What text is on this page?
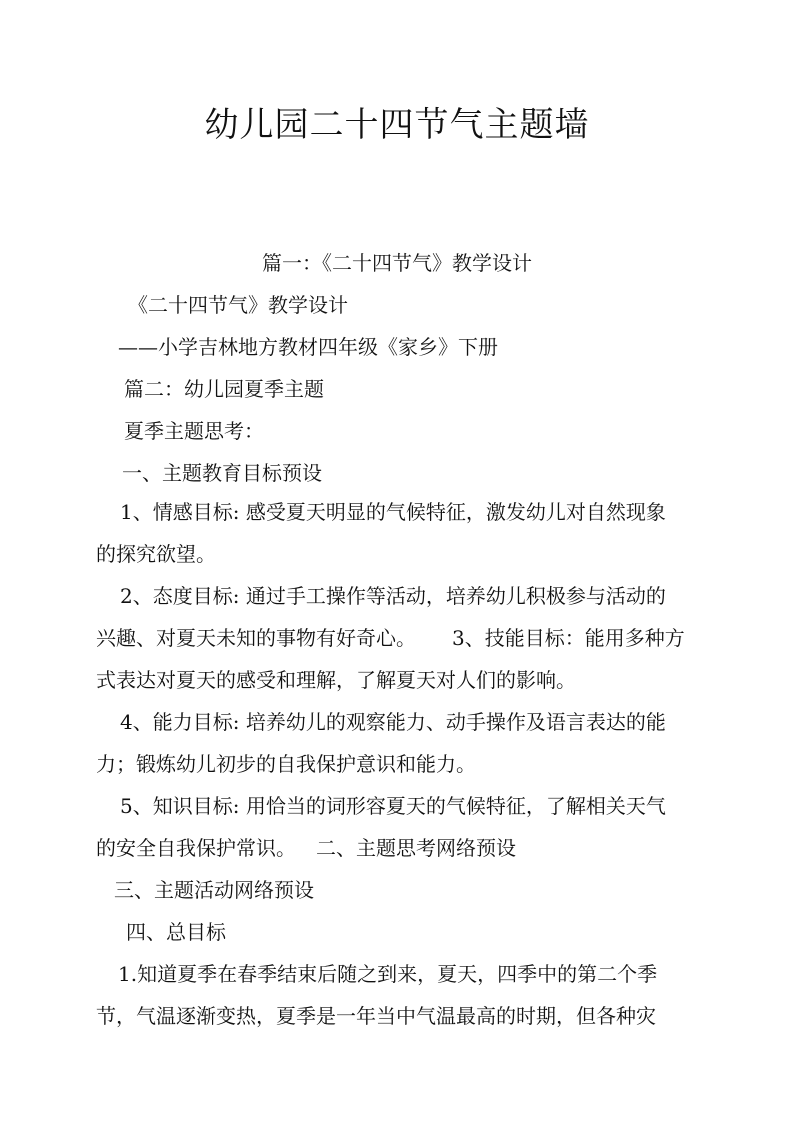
幼儿园二十四节气主题墙

篇一：《二十四节气》教学设计

《二十四节气》教学设计

——小学吉林地方教材四年级《家乡》下册

篇二：幼儿园夏季主题

夏季主题思考：

一、主题教育目标预设

1、情感目标: 感受夏天明显的气候特征，激发幼儿对自然现象

的探究欲望。

2、态度目标: 通过手工操作等活动，培养幼儿积极参与活动的

兴趣、对夏天未知的事物有好奇心。 3、技能目标：能用多种方

式表达对夏天的感受和理解，了解夏天对人们的影响。

4、能力目标: 培养幼儿的观察能力、动手操作及语言表达的能

力；锻炼幼儿初步的自我保护意识和能力。

5、知识目标: 用恰当的词形容夏天的气候特征，了解相关天气

的安全自我保护常识。 二、主题思考网络预设

三、主题活动网络预设

四、总目标

1.知道夏季在春季结束后随之到来，夏天，四季中的第二个季

节，气温逐渐变热，夏季是一年当中气温最高的时期，但各种灾
